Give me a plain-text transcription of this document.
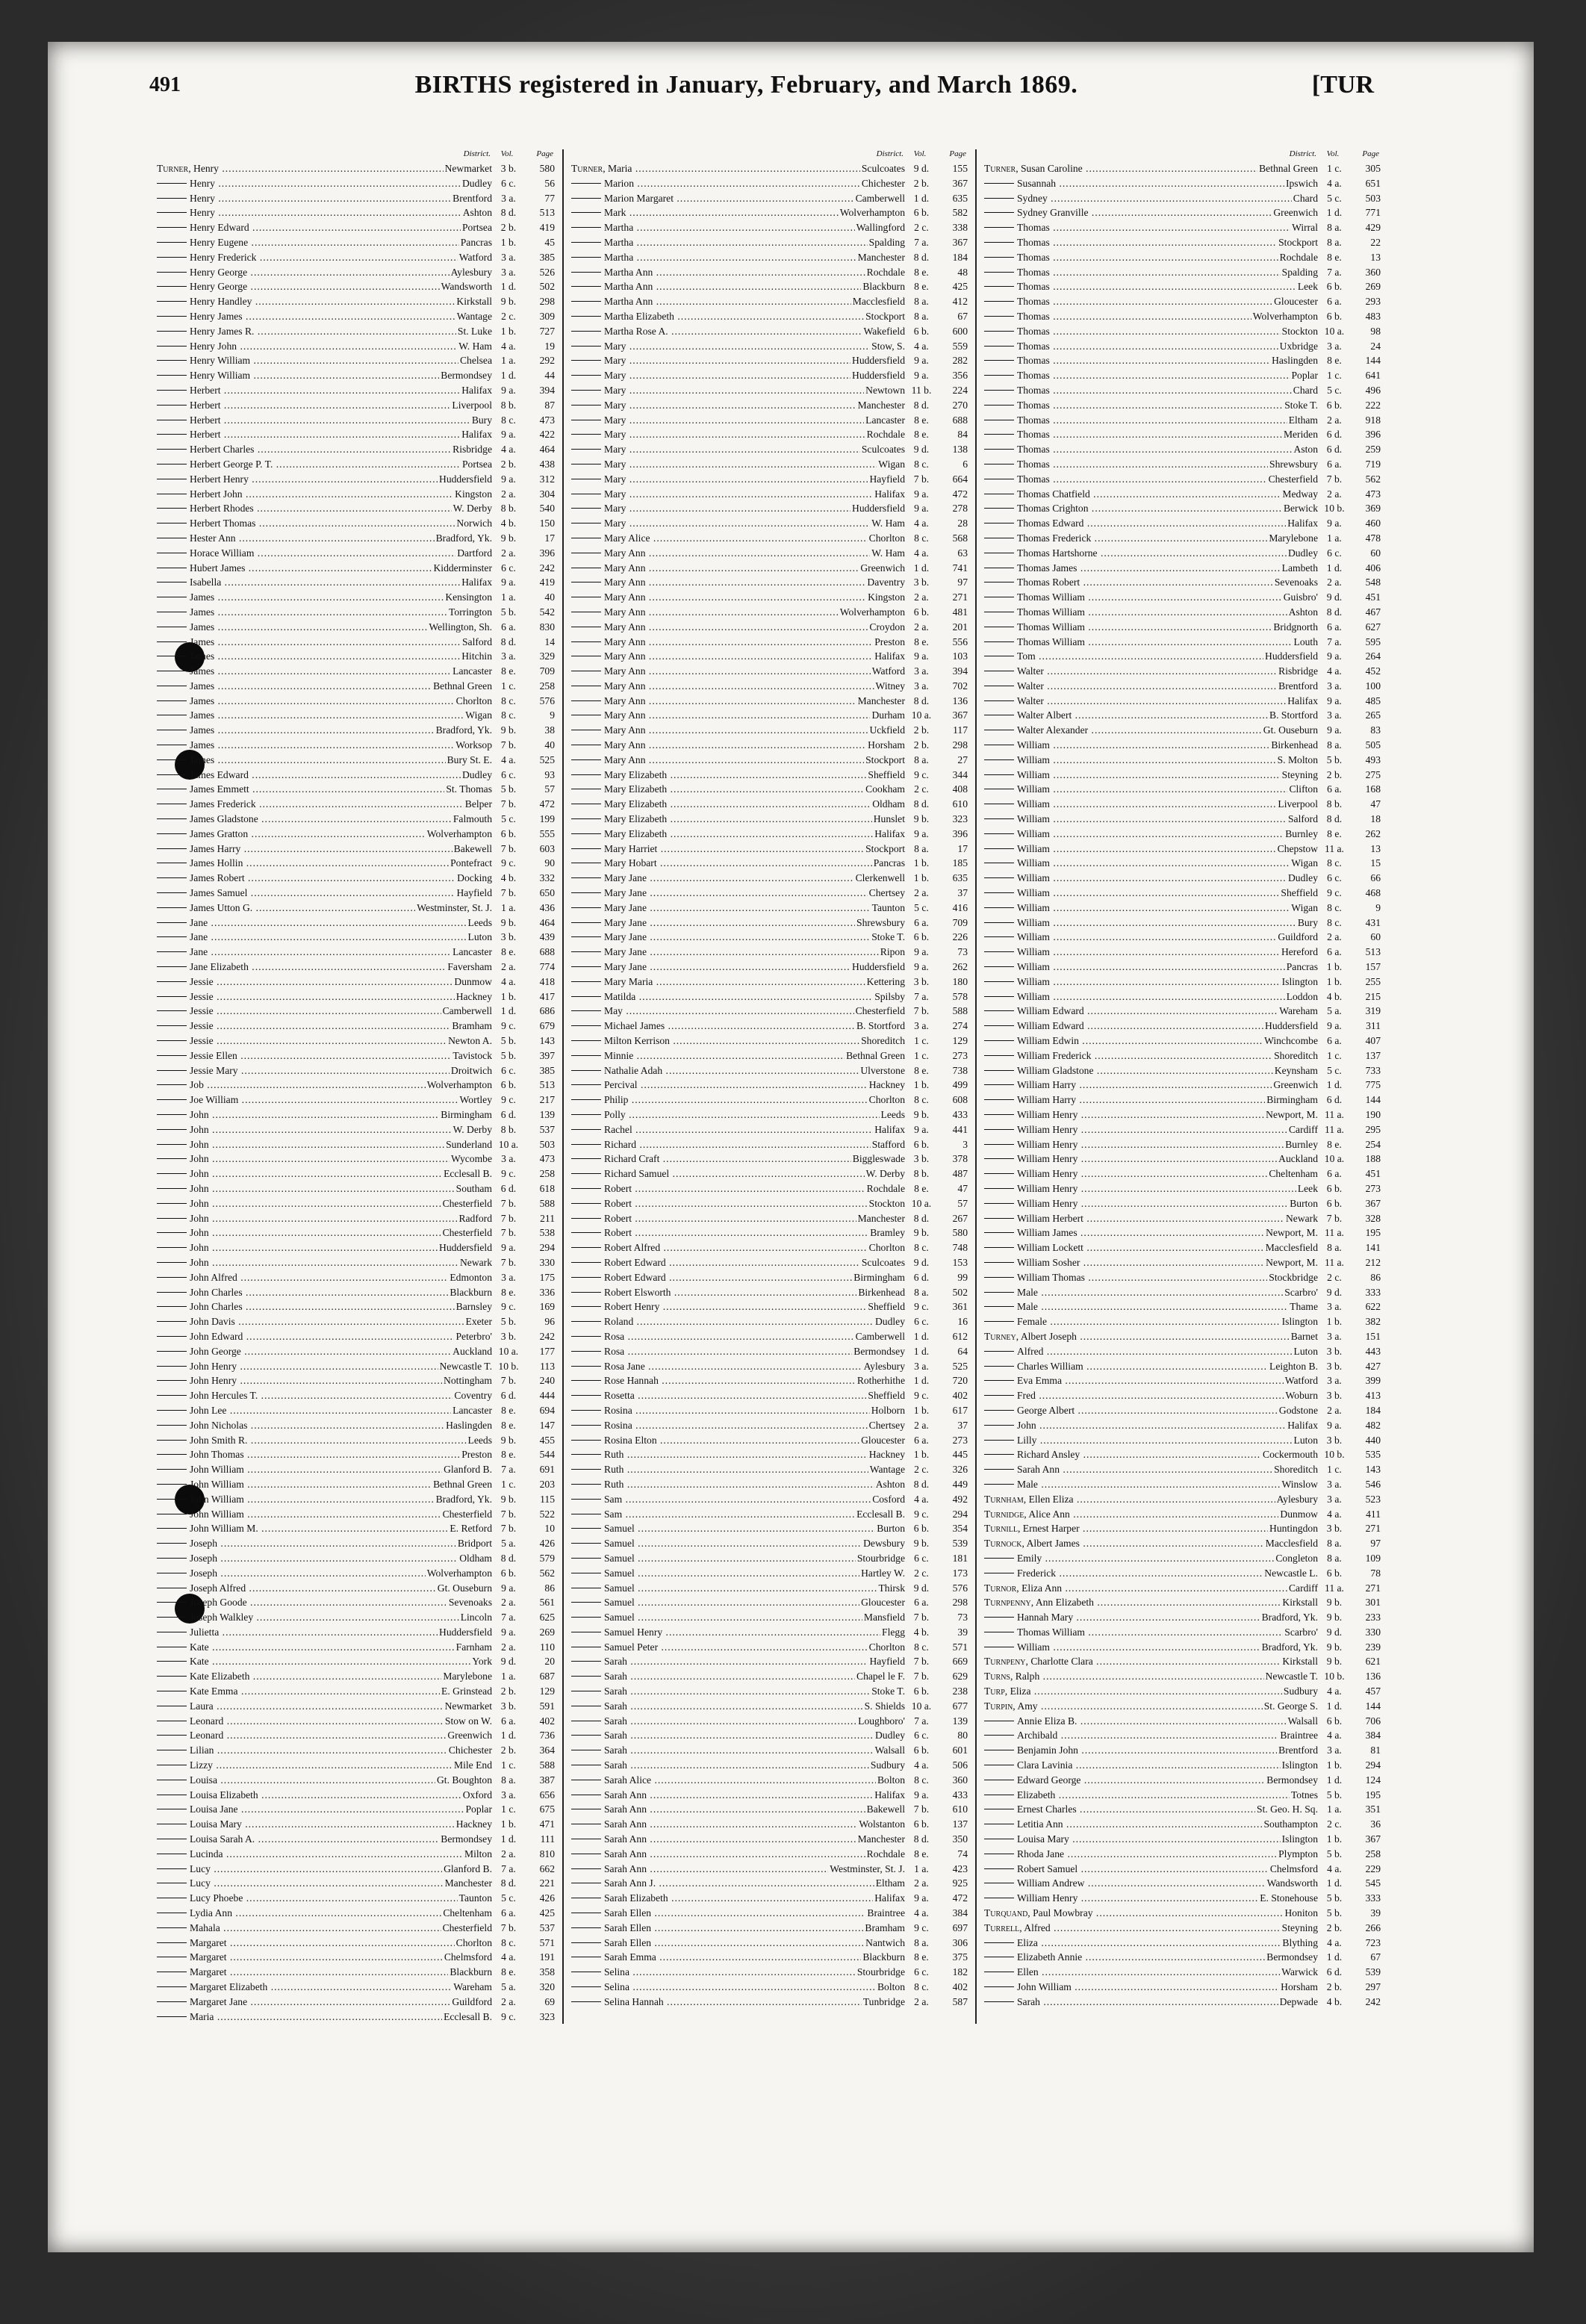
491	BIRTHS registered in January, February, and March 1869.	[TUR
District.	Vol.	Page
Turner, Henry .....	Newmarket 3 b.	580
Henry .....	Dudley 6 c.	56
Henry .....	Brentford 3 a.	77
Henry .....	Ashton 8 d.	513
Henry Edward .....	Portsea 2 b.	419
Henry Eugene .....	Pancras 1 b.	45
Henry Frederick .....	Watford 3 a.	385
Henry George .....	Aylesbury 3 a.	526
Henry George .....	Wandsworth 1 d.	502
Henry Handley .....	Kirkstall 9 b.	298
Henry James .....	Wantage 2 c.	309
Henry James R. .....	St. Luke 1 b.	727
Henry John .....	W. Ham 4 a.	19
Henry William .....	Chelsea 1 a.	292
Henry William .....	Bermondsey 1 d.	44
Herbert .....	Halifax 9 a.	394
Herbert .....	Liverpool 8 b.	87
Herbert .....	Bury 8 c.	473
Herbert .....	Halifax 9 a.	422
Herbert Charles .....	Risbridge 4 a.	464
Herbert George P. T. .....	Portsea 2 b.	438
Herbert Henry .....	Huddersfield 9 a.	312
Herbert John .....	Kingston 2 a.	304
Herbert Rhodes .....	W. Derby 8 b.	540
Herbert Thomas .....	Norwich 4 b.	150
Hester Ann .....	Bradford, Yk. 9 b.	17
Horace William .....	Dartford 2 a.	396
Hubert James .....	Kidderminster 6 c.	242
Isabella .....	Halifax 9 a.	419
James .....	Kensington 1 a.	40
James .....	Torrington 5 b.	542
James .....	Wellington, Sh. 6 a.	830
James .....	Salford 8 d.	14
James .....	Hitchin 3 a.	329
James .....	Lancaster 8 e.	709
James .....	Bethnal Green 1 c.	258
James .....	Chorlton 8 c.	576
James .....	Wigan 8 c.	9
James .....	Bradford, Yk. 9 b.	38
James .....	Worksop 7 b.	40
James .....	Bury St. E. 4 a.	525
James Edward .....	Dudley 6 c.	93
James Emmett .....	St. Thomas 5 b.	57
James Frederick .....	Belper 7 b.	472
James Gladstone .....	Falmouth 5 c.	199
James Gratton .....	Wolverhampton 6 b.	555
James Harry .....	Bakewell 7 b.	603
James Hollin .....	Pontefract 9 c.	90
James Robert .....	Docking 4 b.	332
James Samuel .....	Hayfield 7 b.	650
James Utton G. .....	Westminster, St. J. 1 a.	436
Jane .....	Leeds 9 b.	464
Jane .....	Luton 3 b.	439
Jane .....	Lancaster 8 e.	688
Jane Elizabeth .....	Faversham 2 a.	774
Jessie .....	Dunmow 4 a.	418
Jessie .....	Hackney 1 b.	417
Jessie .....	Camberwell 1 d.	686
Jessie .....	Bramham 9 c.	679
Jessie .....	Newton A. 5 b.	143
Jessie Ellen .....	Tavistock 5 b.	397
Jessie Mary .....	Droitwich 6 c.	385
Job .....	Wolverhampton 6 b.	513
Joe William .....	Wortley 9 c.	217
John .....	Birmingham 6 d.	139
John .....	W. Derby 8 b.	537
John .....	Sunderland 10 a.	503
John .....	Wycombe 3 a.	473
John .....	Ecclesall B. 9 c.	258
John .....	Southam 6 d.	618
John .....	Chesterfield 7 b.	588
John .....	Radford 7 b.	211
John .....	Chesterfield 7 b.	538
John .....	Huddersfield 9 a.	294
John .....	Newark 7 b.	330
John Alfred .....	Edmonton 3 a.	175
John Charles .....	Blackburn 8 e.	336
John Charles .....	Barnsley 9 c.	169
John Davis .....	Exeter 5 b.	96
John Edward .....	Peterbro' 3 b.	242
John George .....	Auckland 10 a.	177
John Henry .....	Newcastle T. 10 b.	113
John Henry .....	Nottingham 7 b.	240
John Hercules T. .....	Coventry 6 d.	444
John Lee .....	Lancaster 8 e.	694
John Nicholas .....	Haslingden 8 e.	147
John Smith R. .....	Leeds 9 b.	455
John Thomas .....	Preston 8 e.	544
John William .....	Glanford B. 7 a.	691
John William .....	Bethnal Green 1 c.	203
John William .....	Bradford, Yk. 9 b.	115
John William .....	Chesterfield 7 b.	522
John William M. .....	E. Retford 7 b.	10
Joseph .....	Bridport 5 a.	426
Joseph .....	Oldham 8 d.	579
Joseph .....	Wolverhampton 6 b.	562
Joseph Alfred .....	Gt. Ouseburn 9 a.	86
Joseph Goode .....	Sevenoaks 2 a.	561
Joseph Walkley .....	Lincoln 7 a.	625
Julietta .....	Huddersfield 9 a.	269
Kate .....	Farnham 2 a.	110
Kate .....	York 9 d.	20
Kate Elizabeth .....	Marylebone 1 a.	687
Kate Emma .....	E. Grinstead 2 b.	129
Laura .....	Newmarket 3 b.	591
Leonard .....	Stow on W. 6 a.	402
Leonard .....	Greenwich 1 d.	736
Lilian .....	Chichester 2 b.	364
Lizzy .....	Mile End 1 c.	588
Louisa .....	Gt. Boughton 8 a.	387
Louisa Elizabeth .....	Oxford 3 a.	656
Louisa Jane .....	Poplar 1 c.	675
Louisa Mary .....	Hackney 1 b.	471
Louisa Sarah A. .....	Bermondsey 1 d.	111
Lucinda .....	Milton 2 a.	810
Lucy .....	Glanford B. 7 a.	662
Lucy .....	Manchester 8 d.	221
Lucy Phoebe .....	Taunton 5 c.	426
Lydia Ann .....	Cheltenham 6 a.	425
Mahala .....	Chesterfield 7 b.	537
Margaret .....	Chorlton 8 c.	571
Margaret .....	Chelmsford 4 a.	191
Margaret .....	Blackburn 8 e.	358
Margaret Elizabeth .....	Wareham 5 a.	320
Margaret Jane .....	Guildford 2 a.	69
Maria .....	Ecclesall B. 9 c.	323
District.	Vol.	Page
Turner, Maria .....	Sculcoates 9 d.	155
Marion .....	Chichester 2 b.	367
Marion Margaret .....	Camberwell 1 d.	635
Mark .....	Wolverhampton 6 b.	582
Martha .....	Wallingford 2 c.	338
Martha .....	Spalding 7 a.	367
Martha .....	Manchester 8 d.	184
Martha Ann .....	Rochdale 8 e.	48
Martha Ann .....	Blackburn 8 e.	425
Martha Ann .....	Macclesfield 8 a.	412
Martha Elizabeth .....	Stockport 8 a.	67
Martha Rose A. .....	Wakefield 6 b.	600
Mary .....	Stow, S. 4 a.	559
Mary .....	Huddersfield 9 a.	282
Mary .....	Huddersfield 9 a.	356
Mary .....	Newtown 11 b.	224
Mary .....	Manchester 8 d.	270
Mary .....	Lancaster 8 e.	688
Mary .....	Rochdale 8 e.	84
Mary .....	Sculcoates 9 d.	138
Mary .....	Wigan 8 c.	6
Mary .....	Hayfield 7 b.	664
Mary .....	Halifax 9 a.	472
Mary .....	Huddersfield 9 a.	278
Mary .....	W. Ham 4 a.	28
Mary Alice .....	Chorlton 8 c.	568
Mary Ann .....	W. Ham 4 a.	63
Mary Ann .....	Greenwich 1 d.	741
Mary Ann .....	Daventry 3 b.	97
Mary Ann .....	Kingston 2 a.	271
Mary Ann .....	Wolverhampton 6 b.	481
Mary Ann .....	Croydon 2 a.	201
Mary Ann .....	Preston 8 e.	556
Mary Ann .....	Halifax 9 a.	103
Mary Ann .....	Watford 3 a.	394
Mary Ann .....	Witney 3 a.	702
Mary Ann .....	Manchester 8 d.	136
Mary Ann .....	Durham 10 a.	367
Mary Ann .....	Uckfield 2 b.	117
Mary Ann .....	Horsham 2 b.	298
Mary Ann .....	Stockport 8 a.	27
Mary Elizabeth .....	Sheffield 9 c.	344
Mary Elizabeth .....	Cookham 2 c.	408
Mary Elizabeth .....	Oldham 8 d.	610
Mary Elizabeth .....	Hunslet 9 b.	323
Mary Elizabeth .....	Halifax 9 a.	396
Mary Harriet .....	Stockport 8 a.	17
Mary Hobart .....	Pancras 1 b.	185
Mary Jane .....	Clerkenwell 1 b.	635
Mary Jane .....	Chertsey 2 a.	37
Mary Jane .....	Taunton 5 c.	416
Mary Jane .....	Shrewsbury 6 a.	709
Mary Jane .....	Stoke T. 6 b.	226
Mary Jane .....	Ripon 9 a.	73
Mary Jane .....	Huddersfield 9 a.	262
Mary Maria .....	Kettering 3 b.	180
Matilda .....	Spilsby 7 a.	578
May .....	Chesterfield 7 b.	588
Michael James .....	B. Stortford 3 a.	274
Milton Kerrison .....	Shoreditch 1 c.	129
Minnie .....	Bethnal Green 1 c.	273
Nathalie Adah .....	Ulverstone 8 e.	738
Percival .....	Hackney 1 b.	499
Philip .....	Chorlton 8 c.	608
Polly .....	Leeds 9 b.	433
Rachel .....	Halifax 9 a.	441
Richard .....	Stafford 6 b.	3
Richard Craft .....	Biggleswade 3 b.	378
Richard Samuel .....	W. Derby 8 b.	487
Robert .....	Rochdale 8 e.	47
Robert .....	Stockton 10 a.	57
Robert .....	Manchester 8 d.	267
Robert .....	Bramley 9 b.	580
Robert Alfred .....	Chorlton 8 c.	748
Robert Edward .....	Sculcoates 9 d.	153
Robert Edward .....	Birmingham 6 d.	99
Robert Elsworth .....	Birkenhead 8 a.	502
Robert Henry .....	Sheffield 9 c.	361
Roland .....	Dudley 6 c.	16
Rosa .....	Camberwell 1 d.	612
Rosa .....	Bermondsey 1 d.	64
Rosa Jane .....	Aylesbury 3 a.	525
Rose Hannah .....	Rotherhithe 1 d.	720
Rosetta .....	Sheffield 9 c.	402
Rosina .....	Holborn 1 b.	617
Rosina .....	Chertsey 2 a.	37
Rosina Elton .....	Gloucester 6 a.	273
Ruth .....	Hackney 1 b.	445
Ruth .....	Wantage 2 c.	326
Ruth .....	Ashton 8 d.	449
Sam .....	Cosford 4 a.	492
Sam .....	Ecclesall B. 9 c.	294
Samuel .....	Burton 6 b.	354
Samuel .....	Dewsbury 9 b.	539
Samuel .....	Stourbridge 6 c.	181
Samuel .....	Hartley W. 2 c.	173
Samuel .....	Thirsk 9 d.	576
Samuel .....	Gloucester 6 a.	298
Samuel .....	Mansfield 7 b.	73
Samuel Henry .....	Flegg 4 b.	39
Samuel Peter .....	Chorlton 8 c.	571
Sarah .....	Hayfield 7 b.	669
Sarah .....	Chapel le F. 7 b.	629
Sarah .....	Stoke T. 6 b.	238
Sarah .....	S. Shields 10 a.	677
Sarah .....	Loughboro' 7 a.	139
Sarah .....	Dudley 6 c.	80
Sarah .....	Walsall 6 b.	601
Sarah .....	Sudbury 4 a.	506
Sarah Alice .....	Bolton 8 c.	360
Sarah Ann .....	Halifax 9 a.	433
Sarah Ann .....	Bakewell 7 b.	610
Sarah Ann .....	Wolstanton 6 b.	137
Sarah Ann .....	Manchester 8 d.	350
Sarah Ann .....	Rochdale 8 e.	74
Sarah Ann .....	Westminster, St. J. 1 a.	423
Sarah Ann J. .....	Eltham 2 a.	925
Sarah Elizabeth .....	Halifax 9 a.	472
Sarah Ellen .....	Braintree 4 a.	384
Sarah Ellen .....	Bramham 9 c.	697
Sarah Ellen .....	Nantwich 8 a.	306
Sarah Emma .....	Blackburn 8 e.	375
Selina .....	Stourbridge 6 c.	182
Selina .....	Bolton 8 c.	402
Selina Hannah .....	Tunbridge 2 a.	587
District.	Vol.	Page
Turner, Susan Caroline .....	Bethnal Green 1 c.	305
Susannah .....	Ipswich 4 a.	651
Sydney .....	Chard 5 c.	503
Sydney Granville .....	Greenwich 1 d.	771
Thomas .....	Wirral 8 a.	429
Thomas .....	Stockport 8 a.	22
Thomas .....	Rochdale 8 e.	13
Thomas .....	Spalding 7 a.	360
Thomas .....	Leek 6 b.	269
Thomas .....	Gloucester 6 a.	293
Thomas .....	Wolverhampton 6 b.	483
Thomas .....	Stockton 10 a.	98
Thomas .....	Uxbridge 3 a.	24
Thomas .....	Haslingden 8 e.	144
Thomas .....	Poplar 1 c.	641
Thomas .....	Chard 5 c.	496
Thomas .....	Stoke T. 6 b.	222
Thomas .....	Eltham 2 a.	918
Thomas .....	Meriden 6 d.	396
Thomas .....	Aston 6 d.	259
Thomas .....	Shrewsbury 6 a.	719
Thomas .....	Chesterfield 7 b.	562
Thomas Chatfield .....	Medway 2 a.	473
Thomas Crighton .....	Berwick 10 b.	369
Thomas Edward .....	Halifax 9 a.	460
Thomas Frederick .....	Marylebone 1 a.	478
Thomas Hartshorne .....	Dudley 6 c.	60
Thomas James .....	Lambeth 1 d.	406
Thomas Robert .....	Sevenoaks 2 a.	548
Thomas William .....	Guisbro' 9 d.	451
Thomas William .....	Ashton 8 d.	467
Thomas William .....	Bridgnorth 6 a.	627
Thomas William .....	Louth 7 a.	595
Tom .....	Huddersfield 9 a.	264
Walter .....	Risbridge 4 a.	452
Walter .....	Brentford 3 a.	100
Walter .....	Halifax 9 a.	485
Walter Albert .....	B. Stortford 3 a.	265
Walter Alexander .....	Gt. Ouseburn 9 a.	83
William .....	Birkenhead 8 a.	505
William .....	S. Molton 5 b.	493
William .....	Steyning 2 b.	275
William .....	Clifton 6 a.	168
William .....	Liverpool 8 b.	47
William .....	Salford 8 d.	18
William .....	Burnley 8 e.	262
William .....	Chepstow 11 a.	13
William .....	Wigan 8 c.	15
William .....	Dudley 6 c.	66
William .....	Sheffield 9 c.	468
William .....	Wigan 8 c.	9
William .....	Bury 8 c.	431
William .....	Guildford 2 a.	60
William .....	Hereford 6 a.	513
William .....	Pancras 1 b.	157
William .....	Islington 1 b.	255
William .....	Loddon 4 b.	215
William Edward .....	Wareham 5 a.	319
William Edward .....	Huddersfield 9 a.	311
William Edwin .....	Winchcombe 6 a.	407
William Frederick .....	Shoreditch 1 c.	137
William Gladstone .....	Keynsham 5 c.	733
William Harry .....	Greenwich 1 d.	775
William Harry .....	Birmingham 6 d.	144
William Henry .....	Newport, M. 11 a.	190
William Henry .....	Cardiff 11 a.	295
William Henry .....	Burnley 8 e.	254
William Henry .....	Auckland 10 a.	188
William Henry .....	Cheltenham 6 a.	451
William Henry .....	Leek 6 b.	273
William Henry .....	Burton 6 b.	367
William Herbert .....	Newark 7 b.	328
William James .....	Newport, M. 11 a.	195
William Lockett .....	Macclesfield 8 a.	141
William Sosher .....	Newport, M. 11 a.	212
William Thomas .....	Stockbridge 2 c.	86
Male .....	Scarbro' 9 d.	333
Male .....	Thame 3 a.	622
Female .....	Islington 1 b.	382
Turney, Albert Joseph .....	Barnet 3 a.	151
Alfred .....	Luton 3 b.	443
Charles William .....	Leighton B. 3 b.	427
Eva Emma .....	Watford 3 a.	399
Fred .....	Woburn 3 b.	413
George Albert .....	Godstone 2 a.	184
John .....	Halifax 9 a.	482
Lilly .....	Luton 3 b.	440
Richard Ansley .....	Cockermouth 10 b.	535
Sarah Ann .....	Shoreditch 1 c.	143
Male .....	Winslow 3 a.	546
Turnham, Ellen Eliza .....	Aylesbury 3 a.	523
Turnidge, Alice Ann .....	Dunmow 4 a.	411
Turnill, Ernest Harper .....	Huntingdon 3 b.	271
Turnock, Albert James .....	Macclesfield 8 a.	97
Emily .....	Congleton 8 a.	109
Frederick .....	Newcastle L. 6 b.	78
Turnor, Eliza Ann .....	Cardiff 11 a.	271
Turnpenny, Ann Elizabeth .....	Kirkstall 9 b.	301
Hannah Mary .....	Bradford, Yk. 9 b.	233
Thomas William .....	Scarbro' 9 d.	330
William .....	Bradford, Yk. 9 b.	239
Turnpeny, Charlotte Clara .....	Kirkstall 9 b.	621
Turns, Ralph .....	Newcastle T. 10 b.	136
Turp, Eliza .....	Sudbury 4 a.	457
Turpin, Amy .....	St. George S. 1 d.	144
Annie Eliza B. .....	Walsall 6 b.	706
Archibald .....	Braintree 4 a.	384
Benjamin John .....	Brentford 3 a.	81
Clara Lavinia .....	Islington 1 b.	294
Edward George .....	Bermondsey 1 d.	124
Elizabeth .....	Totnes 5 b.	195
Ernest Charles .....	St. Geo. H. Sq. 1 a.	351
Letitia Ann .....	Southampton 2 c.	36
Louisa Mary .....	Islington 1 b.	367
Rhoda Jane .....	Plympton 5 b.	258
Robert Samuel .....	Chelmsford 4 a.	229
William Andrew .....	Wandsworth 1 d.	545
William Henry .....	E. Stonehouse 5 b.	333
Turquand, Paul Mowbray .....	Honiton 5 b.	39
Turrell, Alfred .....	Steyning 2 b.	266
Eliza .....	Blything 4 a.	723
Elizabeth Annie .....	Bermondsey 1 d.	67
Ellen .....	Warwick 6 d.	539
John William .....	Horsham 2 b.	297
Sarah .....	Depwade 4 b.	242
